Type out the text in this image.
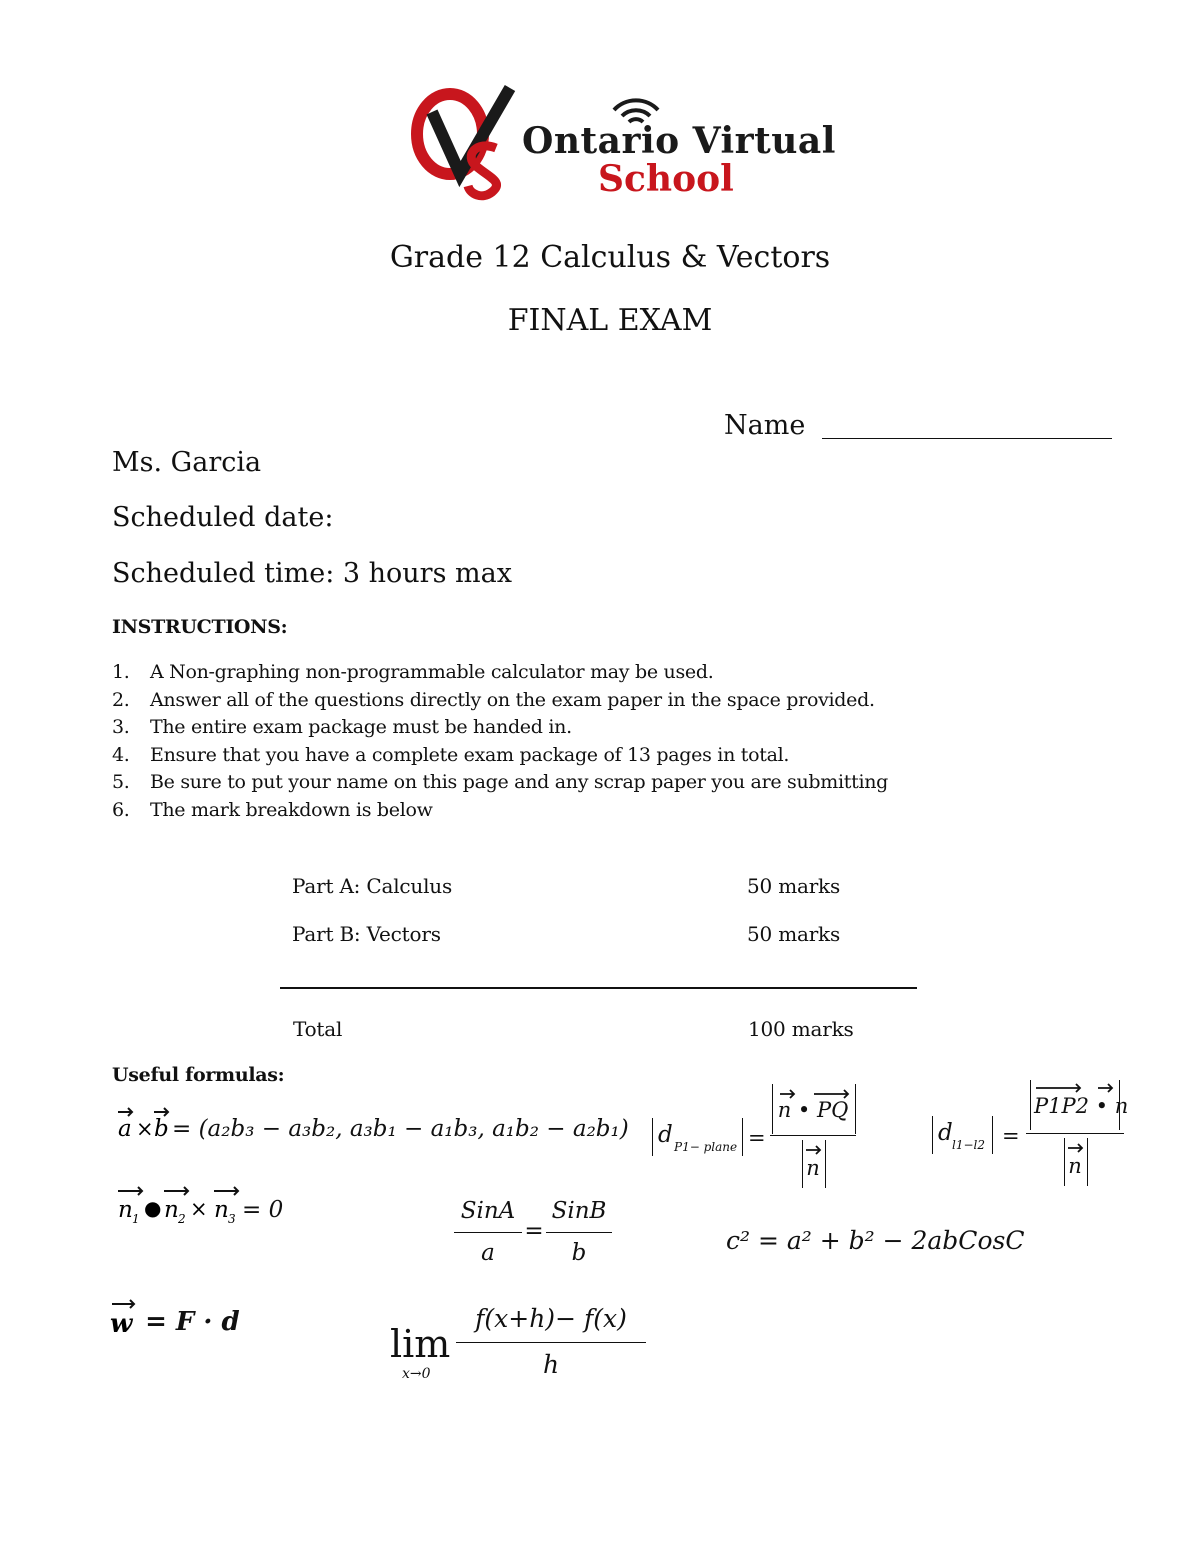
Ontario Virtual
School
Grade 12 Calculus & Vectors
FINAL EXAM
Name
Ms. Garcia
Scheduled date:
Scheduled time: 3 hours max
INSTRUCTIONS:
1. A Non-graphing non-programmable calculator may be used.
2. Answer all of the questions directly on the exam paper in the space provided.
3. The entire exam package must be handed in.
4. Ensure that you have a complete exam package of 13 pages in total.
5. Be sure to put your name on this page and any scrap paper you are submitting
6. The mark breakdown is below
Part A: Calculus	50 marks
Part B: Vectors	50 marks
Total	100 marks
Useful formulas:
a × b = (a₂b₃ − a₃b₂, a₃b₁ − a₁b₃, a₁b₂ − a₂b₁)
n 1 ● n 2 × n 3 = 0	SinA
a
=
SinB
b	c² = a² + b² − 2abCosC
w = F · d	lim
x→0
f(x+h)− f(x)
h
d P1− plane =
n • PQ
n
d l1−l2 =
P1P2 • n
n
